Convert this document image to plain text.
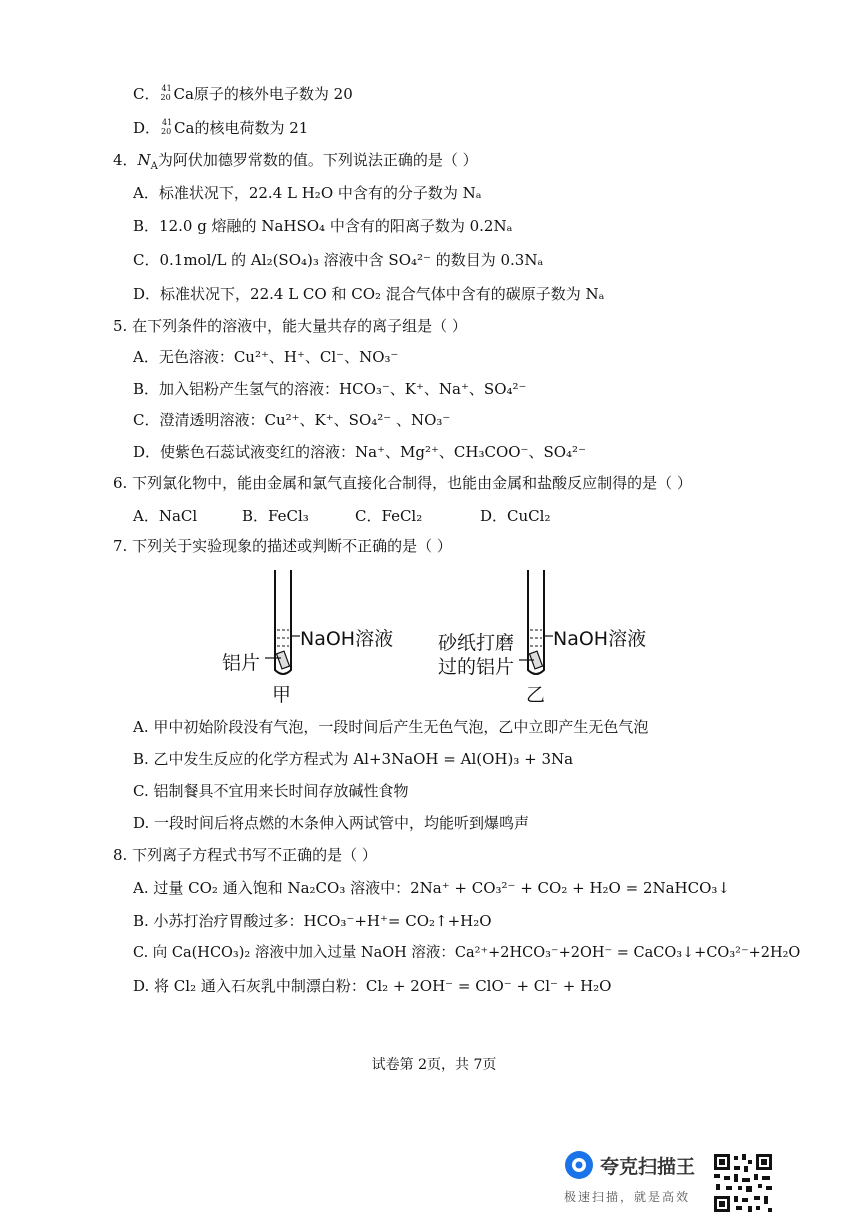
C． 41
20 Ca原子的核外电子数为 20
D． 41
20 Ca的核电荷数为 21
4．$N_A$为阿伏加德罗常数的值。下列说法正确的是（ ）
A．标准状况下，22.4 L H₂O 中含有的分子数为 Nₐ
B．12.0 g 熔融的 NaHSO₄ 中含有的阳离子数为 0.2Nₐ
C．0.1mol/L 的 Al₂(SO₄)₃ 溶液中含 SO₄²⁻ 的数目为 0.3Nₐ
D．标准状况下，22.4 L CO 和 CO₂ 混合气体中含有的碳原子数为 Nₐ
5. 在下列条件的溶液中，能大量共存的离子组是（ ）
A．无色溶液：Cu²⁺、H⁺、Cl⁻、NO₃⁻
B．加入铝粉产生氢气的溶液：HCO₃⁻、K⁺、Na⁺、SO₄²⁻
C．澄清透明溶液：Cu²⁺、K⁺、SO₄²⁻ 、NO₃⁻
D．使紫色石蕊试液变红的溶液：Na⁺、Mg²⁺、CH₃COO⁻、SO₄²⁻
6. 下列氯化物中，能由金属和氯气直接化合制得，也能由金属和盐酸反应制得的是（ ）
A．NaCl	B．FeCl₃	C．FeCl₂	D．CuCl₂
7. 下列关于实验现象的描述或判断不正确的是（ ）
NaOH溶液
铝片
甲
NaOH溶液
砂纸打磨
过的铝片
乙
A. 甲中初始阶段没有气泡，一段时间后产生无色气泡，乙中立即产生无色气泡
B. 乙中发生反应的化学方程式为 Al+3NaOH = Al(OH)₃ + 3Na
C. 铝制餐具不宜用来长时间存放碱性食物
D. 一段时间后将点燃的木条伸入两试管中，均能听到爆鸣声
8. 下列离子方程式书写不正确的是（ ）
A. 过量 CO₂ 通入饱和 Na₂CO₃ 溶液中：2Na⁺ + CO₃²⁻ + CO₂ + H₂O = 2NaHCO₃↓
B. 小苏打治疗胃酸过多：HCO₃⁻+H⁺= CO₂↑+H₂O
C. 向 Ca(HCO₃)₂ 溶液中加入过量 NaOH 溶液：Ca²⁺+2HCO₃⁻+2OH⁻ = CaCO₃↓+CO₃²⁻+2H₂O
D. 将 Cl₂ 通入石灰乳中制漂白粉：Cl₂ + 2OH⁻ = ClO⁻ + Cl⁻ + H₂O
试卷第 2页，共 7页
夸克扫描王
极速扫描，就是高效
